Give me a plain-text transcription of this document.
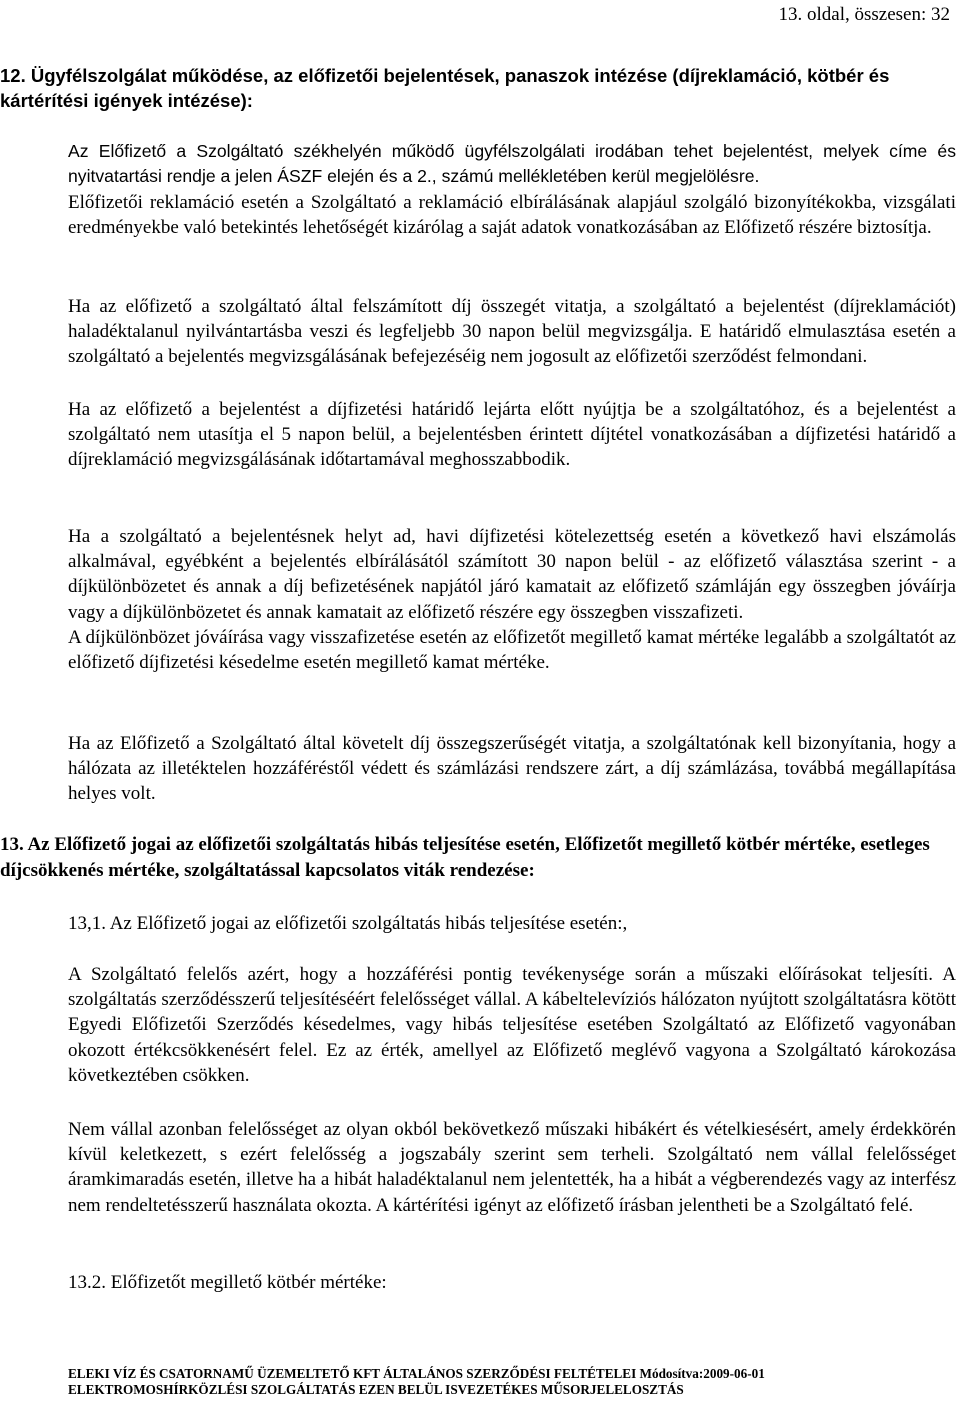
13. oldal, összesen: 32
12. Ügyfélszolgálat működése, az előfizetői bejelentések, panaszok intézése (díjreklamáció, kötbér és kártérítési igények intézése):
Az Előfizető a Szolgáltató székhelyén működő ügyfélszolgálati irodában tehet bejelentést, melyek címe és nyitvatartási rendje a jelen ÁSZF elején és a 2., számú mellékletében kerül megjelölésre.
Előfizetői reklamáció esetén a Szolgáltató a reklamáció elbírálásának alapjául szolgáló bizonyítékokba, vizsgálati eredményekbe való betekintés lehetőségét kizárólag a saját adatok vonatkozásában az Előfizető részére biztosítja.
Ha az előfizető a szolgáltató által felszámított díj összegét vitatja, a szolgáltató a bejelentést (díjreklamációt) haladéktalanul nyilvántartásba veszi és legfeljebb 30 napon belül megvizsgálja. E határidő elmulasztása esetén a szolgáltató a bejelentés megvizsgálásának befejezéséig nem jogosult az előfizetői szerződést felmondani.
Ha az előfizető a bejelentést a díjfizetési határidő lejárta előtt nyújtja be a szolgáltatóhoz, és a bejelentést a szolgáltató nem utasítja el 5 napon belül, a bejelentésben érintett díjtétel vonatkozásában a díjfizetési határidő a díjreklamáció megvizsgálásának időtartamával meghosszabbodik.
Ha a szolgáltató a bejelentésnek helyt ad, havi díjfizetési kötelezettség esetén a következő havi elszámolás alkalmával, egyébként a bejelentés elbírálásától számított 30 napon belül - az előfizető választása szerint - a díjkülönbözetet és annak a díj befizetésének napjától járó kamatait az előfizető számláján egy összegben jóváírja vagy a díjkülönbözetet és annak kamatait az előfizető részére egy összegben visszafizeti.
A díjkülönbözet jóváírása vagy visszafizetése esetén az előfizetőt megillető kamat mértéke legalább a szolgáltatót az előfizető díjfizetési késedelme esetén megillető kamat mértéke.
Ha az Előfizető a Szolgáltató által követelt díj összegszerűségét vitatja, a szolgáltatónak kell bizonyítania, hogy a hálózata az illetéktelen hozzáféréstől védett és számlázási rendszere zárt, a díj számlázása, továbbá megállapítása helyes volt.
13. Az Előfizető jogai az előfizetői szolgáltatás hibás teljesítése esetén, Előfizetőt megillető kötbér mértéke, esetleges díjcsökkenés mértéke, szolgáltatással kapcsolatos viták rendezése:
13,1. Az Előfizető jogai az előfizetői szolgáltatás hibás teljesítése esetén:,
A Szolgáltató felelős azért, hogy a hozzáférési pontig tevékenysége során a műszaki előírásokat teljesíti. A szolgáltatás szerződésszerű teljesítéséért felelősséget vállal. A kábeltelevíziós hálózaton nyújtott szolgáltatásra kötött Egyedi Előfizetői Szerződés késedelmes, vagy hibás teljesítése esetében Szolgáltató az Előfizető vagyonában okozott értékcsökkenésért felel. Ez az érték, amellyel az Előfizető meglévő vagyona a Szolgáltató károkozása következtében csökken.
Nem vállal azonban felelősséget az olyan okból bekövetkező műszaki hibákért és vételkiesésért, amely érdekkörén kívül keletkezett, s ezért felelősség a jogszabály szerint sem terheli. Szolgáltató nem vállal felelősséget áramkimaradás esetén, illetve ha a hibát haladéktalanul nem jelentették, ha a hibát a végberendezés vagy az interfész nem rendeltetésszerű használata okozta. A kártérítési igényt az előfizető írásban jelentheti be a Szolgáltató felé.
13.2. Előfizetőt megillető kötbér mértéke:
ELEKI VÍZ ÉS CSATORNAMŰ ÜZEMELTETŐ KFT ÁLTALÁNOS SZERZŐDÉSI FELTÉTELEI Módosítva:2009-06-01
ELEKTROMOSHÍRKÖZLÉSI SZOLGÁLTATÁS EZEN BELÜL ISVEZETÉKES MŰSORJELELOSZTÁS
